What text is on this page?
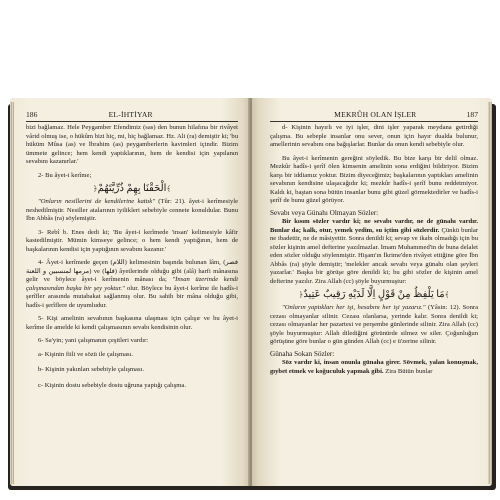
186	EL-İHTİYAR

bizi bağlamaz. Hele Peygamber Efendimiz (sas) den bunun hilafına bir rivâyet vârid olmuş ise, o hükûm bizi hiç, mi, hiç bağlamaz. Hz. Ali (ra) demiştir ki; 'bu hüküm Mûsa (as) ve İbrahim (as) peygamberlerin kavimleri içindir. Bizim ümmete gelince; hem kendi yaptıklarının, hem de kendisi için yapılanın sevabını kazanırlar.'

2- Bu âyet-i kerîme;

﴿الْحَقْنَا بِهِمْ ذُرِّيَّتَهُمْ﴾

"Onların nesillerini de kendilerine kattık" (Tûr: 21). âyet-i kerîmesiyle neshedilmiştir. Nesiller atalarının iyilikleri sebebiyle cennete konuldular. Bunu İbn Abbâs (ra) söylemiştir.

3- Rebî b. Enes dedi ki; 'Bu âyet-i kerîmede 'insan' kelimesiyle kâfir kastedilmiştir. Mümin kimseye gelince; o hem kendi yaptığının, hem de başkalarının kendisi için yaptığının sevabını kazanır.'

4- Âyet-i kerîmede geçen (اللام) kelimesinin başında bulunan lâm, (فصر مرمها لمنسبين و اللعنة) ve (فلها) âyetlerinde olduğu gibi (alâ) harfi mânasına gelir ve böylece âyet-i kerîmenin mânası da; "İnsan üzerinde kendi çalışmasından başka bir şey yoktur." olur. Böylece bu âyet-i kerîme ile hadîs-i şerîfler arasında mutabakat sağlanmış olur. Bu sahih bir mâna olduğu gibi, hadîs-i şerîflere de uyumludur.

5- Kişi amelinin sevabının başkasına ulaşması için çalışır ve bu âyet-i kerîme ile amelde ki kendi çalışmasının sevabı kendisinin olur.

6- Sa'yin; yani çalışmanın çeşitleri vardır:

a- Kişinin fiili ve sözü ile çalışması.

b- Kişinin yakınları sebebiyle çalışması.

c- Kişinin dostu sebebiyle dostu uğruna yaptığı çalışma.

MEKRÛH OLAN İŞLER	187

d- Kişinin hayırlı ve iyi işler, dini işler yaparak meydana getirdiği çalışma. Bu sebeple insanlar onu sever, onun için hayır dualda bulunur, amellerinin sevabını ona bağışlarlar. Bunlar da onun kendi sebebiyle olur.

Bu âyet-i kerîmenin gereğini söyledik. Bu bize karşı bir delil olmaz. Mezkûr hadîs-i şerîf ölen kimsenin amelinin sona erdiğini bildiriyor. Bizim karşı bir iddiamız yoktur. Bizim diyeceğimiz; başkalarının yaptıkları amelinin sevabının kendisine ulaşacağıdır ki; mezkûr hadîs-i şerîf bunu reddetmiyor. Kaldı ki, baştan sona bütün insanlar bunu gibi güzel görmektedirler ve hadîs-i şerîf de bunu güzel görüyor.

Sevabı veya Günahı Olmayan Sözler:

Bir kısım sözler vardır ki; ne sevabı vardır, ne de günahı vardır. Bunlar da; kalk, otur, yemek yedim, su içtim gibi sözlerdir. Çünkü bunlar ne ibadettir, ne de mâsiyettir. Sonra denildi ki; sevap ve ikabı olmadığı için bu sözler kişinin amel defterine yazılmazlar. İmam Muhammed'in de buna delalet eden sözler olduğu söylenmiştir. Hişam'ın İkrime'den rivâyet ettiğine göre İbn Abbâs (ra) şöyle demiştir; 'melekler ancak sevabı veya günahı olan şeyleri yazarlar.' Başka bir görüşe göre denildi ki; bu gibi sözler de kişinin amel defterine yazılır. Zira Allah (cc) şöyle buyurmuştur:

﴿مَا يَلْفِظُ مِنْ قَوْلٍ اِلَّا لَدَيْهِ رَقِيبٌ عَتِيدٌ﴾

"Onların yaptıkları her işi, hesabını her işi yazarız." (Yâsin: 12). Sonra cezası olmayanlar silinir. Cezası olanlarsa, yerinde kalır. Sonra denildi ki; cezası olmayanlar her pazartesi ve perşembe günlerinde silinir. Zira Allah (cc) şöyle buyurmuştur: Allah dilediğini görünürde silmez ve siler. Çoğunluğun görüşüne göre bunlar o gün günden Allah (cc) e ü'zerine silinir.

Günaha Sokan Sözler:

Söz vardır ki, insan onunla günaha girer. Sövmek, yalan konuşmak, gıybet etmek ve koğuculuk yapmak gibi. Zira Bütün bunlar
